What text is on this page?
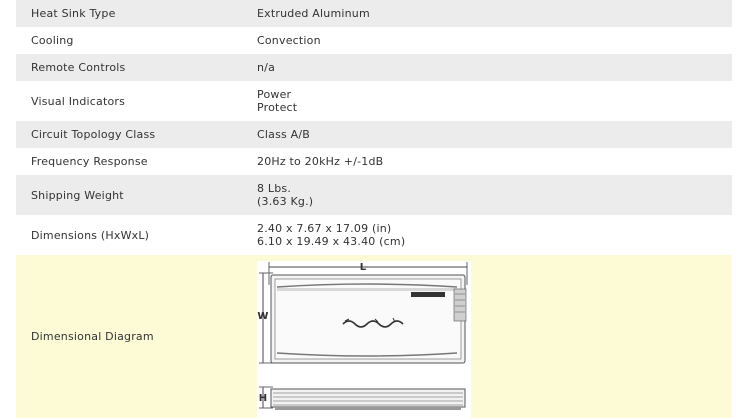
Heat Sink Type	Extruded Aluminum
Cooling	Convection
Remote Controls	n/a
Visual Indicators	Power
Protect
Circuit Topology Class	Class A/B
Frequency Response	20Hz to 20kHz +/-1dB
Shipping Weight	8 Lbs.
(3.63 Kg.)
Dimensions (HxWxL)	2.40 x 7.67 x 17.09 (in)
6.10 x 19.49 x 43.40 (cm)
Dimensional Diagram
L
W
H
